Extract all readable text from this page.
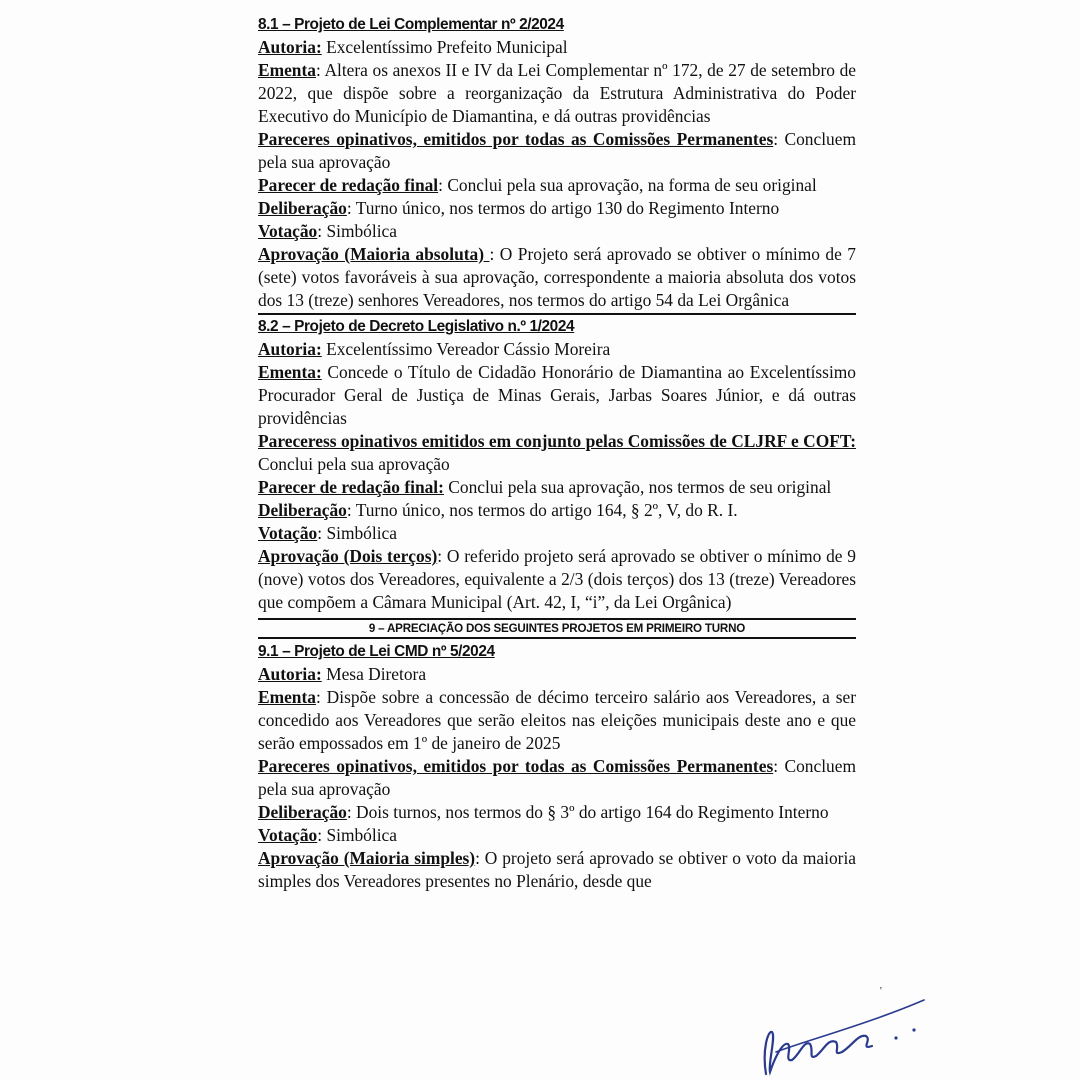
8.1 – Projeto de Lei Complementar nº 2/2024

Autoria: Excelentíssimo Prefeito Municipal

Ementa: Altera os anexos II e IV da Lei Complementar nº 172, de 27 de setembro de 2022, que dispõe sobre a reorganização da Estrutura Administrativa do Poder Executivo do Município de Diamantina, e dá outras providências

Pareceres opinativos, emitidos por todas as Comissões Permanentes: Concluem pela sua aprovação

Parecer de redação final: Conclui pela sua aprovação, na forma de seu original

Deliberação: Turno único, nos termos do artigo 130 do Regimento Interno

Votação: Simbólica

Aprovação (Maioria absoluta) : O Projeto será aprovado se obtiver o mínimo de 7 (sete) votos favoráveis à sua aprovação, correspondente a maioria absoluta dos votos dos 13 (treze) senhores Vereadores, nos termos do artigo 54 da Lei Orgânica

8.2 – Projeto de Decreto Legislativo n.º 1/2024

Autoria: Excelentíssimo Vereador Cássio Moreira

Ementa: Concede o Título de Cidadão Honorário de Diamantina ao Excelentíssimo Procurador Geral de Justiça de Minas Gerais, Jarbas Soares Júnior, e dá outras providências

Pareceress opinativos emitidos em conjunto pelas Comissões de CLJRF e COFT: Conclui pela sua aprovação

Parecer de redação final: Conclui pela sua aprovação, nos termos de seu original

Deliberação: Turno único, nos termos do artigo 164, § 2º, V, do R. I.

Votação: Simbólica

Aprovação (Dois terços): O referido projeto será aprovado se obtiver o mínimo de 9 (nove) votos dos Vereadores, equivalente a 2/3 (dois terços) dos 13 (treze) Vereadores que compõem a Câmara Municipal (Art. 42, I, “i”, da Lei Orgânica)

9 – APRECIAÇÃO DOS SEGUINTES PROJETOS EM PRIMEIRO TURNO
9.1 – Projeto de Lei CMD nº 5/2024

Autoria: Mesa Diretora

Ementa: Dispõe sobre a concessão de décimo terceiro salário aos Vereadores, a ser concedido aos Vereadores que serão eleitos nas eleições municipais deste ano e que serão empossados em 1º de janeiro de 2025

Pareceres opinativos, emitidos por todas as Comissões Permanentes: Concluem pela sua aprovação

Deliberação: Dois turnos, nos termos do § 3º do artigo 164 do Regimento Interno

Votação: Simbólica

Aprovação (Maioria simples): O projeto será aprovado se obtiver o voto da maioria simples dos Vereadores presentes no Plenário, desde que

'
